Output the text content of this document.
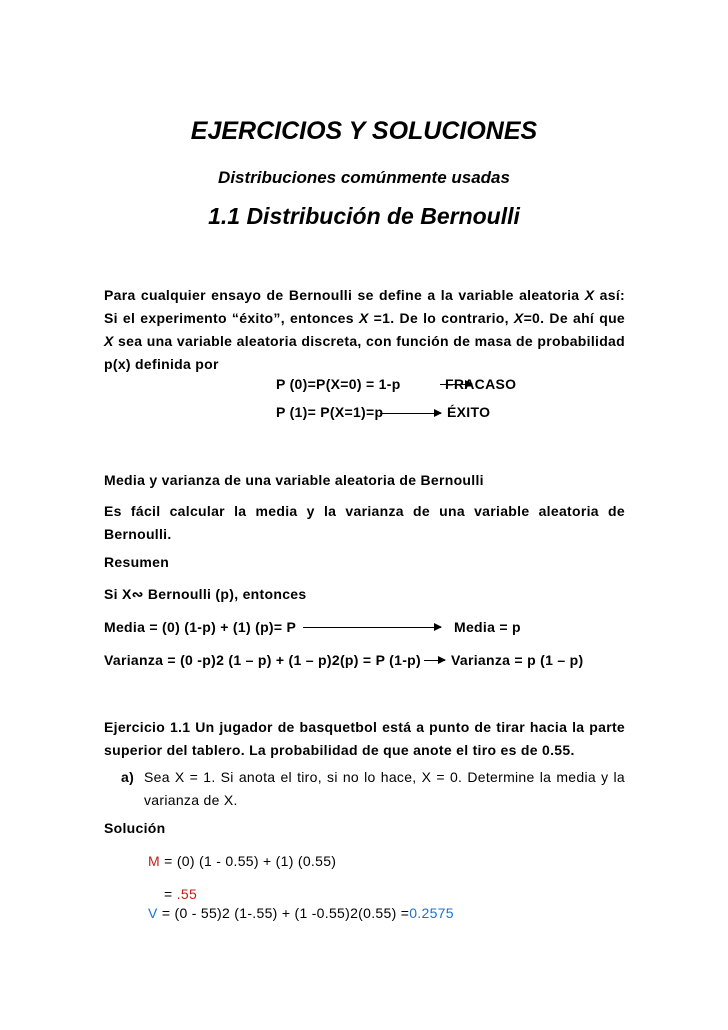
EJERCICIOS Y SOLUCIONES
Distribuciones comúnmente usadas
1.1 Distribución de Bernoulli
Para cualquier ensayo de Bernoulli se define a la variable aleatoria X así: Si el experimento “éxito”, entonces X =1. De lo contrario, X=0. De ahí que X sea una variable aleatoria discreta, con función de masa de probabilidad p(x) definida por
P (0)=P(X=0) = 1-p	FRACASO
P (1)= P(X=1)=p	ÉXITO
Media y varianza de una variable aleatoria de Bernoulli
Es fácil calcular la media y la varianza de una variable aleatoria de Bernoulli.
Resumen
Si X∾ Bernoulli (p), entonces
Media = (0) (1-p) + (1) (p)= P	Media = p
Varianza = (0 -p)2 (1 – p) + (1 – p)2(p) = P (1-p) Varianza = p (1 – p)
Ejercicio 1.1 Un jugador de basquetbol está a punto de tirar hacia la parte superior del tablero. La probabilidad de que anote el tiro es de 0.55.
a) Sea X = 1. Si anota el tiro, si no lo hace, X = 0. Determine la media y la varianza de X.
Solución
M = (0) (1 - 0.55) + (1) (0.55)
= .55
V = (0 - 55)2 (1-.55) + (1 -0.55)2(0.55) =0.2575
